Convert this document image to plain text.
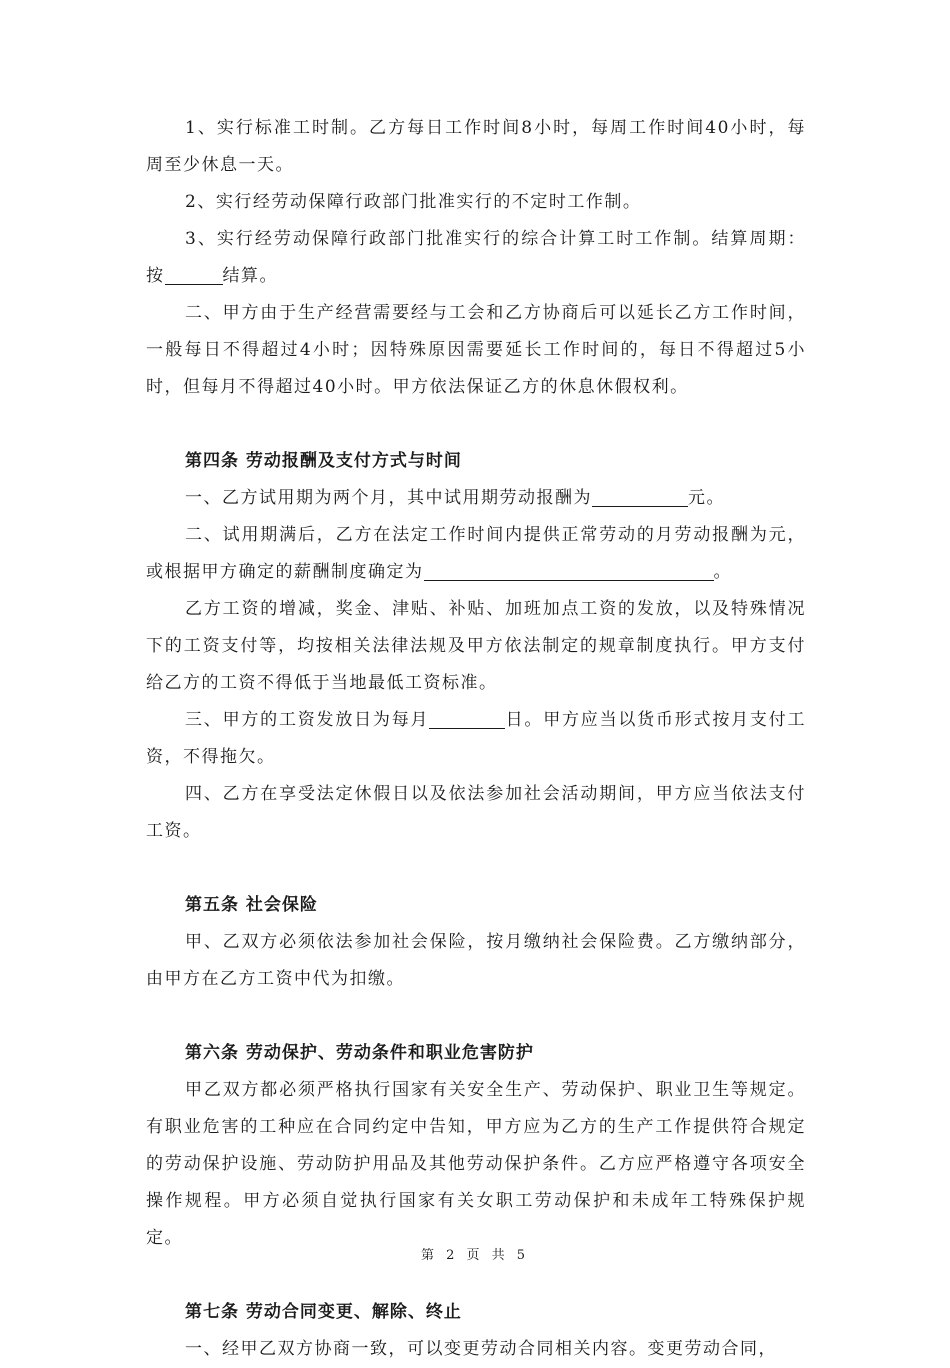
1、实行标准工时制。乙方每日工作时间8小时，每周工作时间40小时，每周至少休息一天。

2、实行经劳动保障行政部门批准实行的不定时工作制。

3、实行经劳动保障行政部门批准实行的综合计算工时工作制。结算周期：按	结算。

二、甲方由于生产经营需要经与工会和乙方协商后可以延长乙方工作时间，一般每日不得超过4小时；因特殊原因需要延长工作时间的，每日不得超过5小时，但每月不得超过40小时。甲方依法保证乙方的休息休假权利。

第四条 劳动报酬及支付方式与时间

一、乙方试用期为两个月，其中试用期劳动报酬为	元。

二、试用期满后，乙方在法定工作时间内提供正常劳动的月劳动报酬为元，或根据甲方确定的薪酬制度确定为	。

乙方工资的增减，奖金、津贴、补贴、加班加点工资的发放，以及特殊情况下的工资支付等，均按相关法律法规及甲方依法制定的规章制度执行。甲方支付给乙方的工资不得低于当地最低工资标准。

三、甲方的工资发放日为每月	日。甲方应当以货币形式按月支付工资，不得拖欠。

四、乙方在享受法定休假日以及依法参加社会活动期间，甲方应当依法支付工资。

第五条 社会保险

甲、乙双方必须依法参加社会保险，按月缴纳社会保险费。乙方缴纳部分，由甲方在乙方工资中代为扣缴。

第六条 劳动保护、劳动条件和职业危害防护

甲乙双方都必须严格执行国家有关安全生产、劳动保护、职业卫生等规定。有职业危害的工种应在合同约定中告知，甲方应为乙方的生产工作提供符合规定的劳动保护设施、劳动防护用品及其他劳动保护条件。乙方应严格遵守各项安全操作规程。甲方必须自觉执行国家有关女职工劳动保护和未成年工特殊保护规定。

第七条 劳动合同变更、解除、终止

一、经甲乙双方协商一致，可以变更劳动合同相关内容。变更劳动合同，

第 2 页 共 5
